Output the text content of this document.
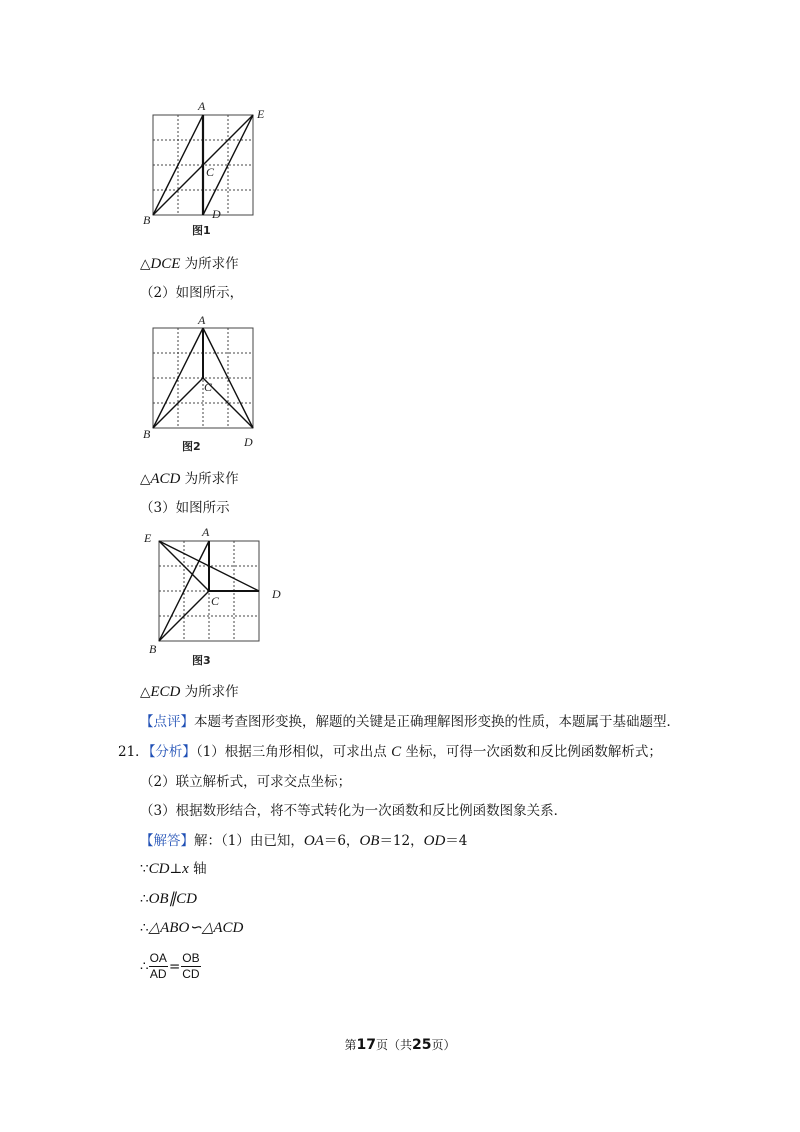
A
E
C
B	D
图1
△DCE 为所求作
（2）如图所示，
A
C
B
D
图2
△ACD 为所求作
（3）如图所示
E	A
D
C
B
图3
△ECD 为所求作
【点评】本题考查图形变换，解题的关键是正确理解图形变换的性质，本题属于基础题型．
21．【分析】（1）根据三角形相似，可求出点 C 坐标，可得一次函数和反比例函数解析式；
（2）联立解析式，可求交点坐标；
（3）根据数形结合，将不等式转化为一次函数和反比例函数图象关系．
【解答】解：（1）由已知，OA＝6，OB＝12，OD＝4
∵CD⊥x 轴
∴OB∥CD
∴△ABO∽△ACD
∴ $\frac{OA}{AD} = \frac{OB}{CD}$
第17页（共25页）
